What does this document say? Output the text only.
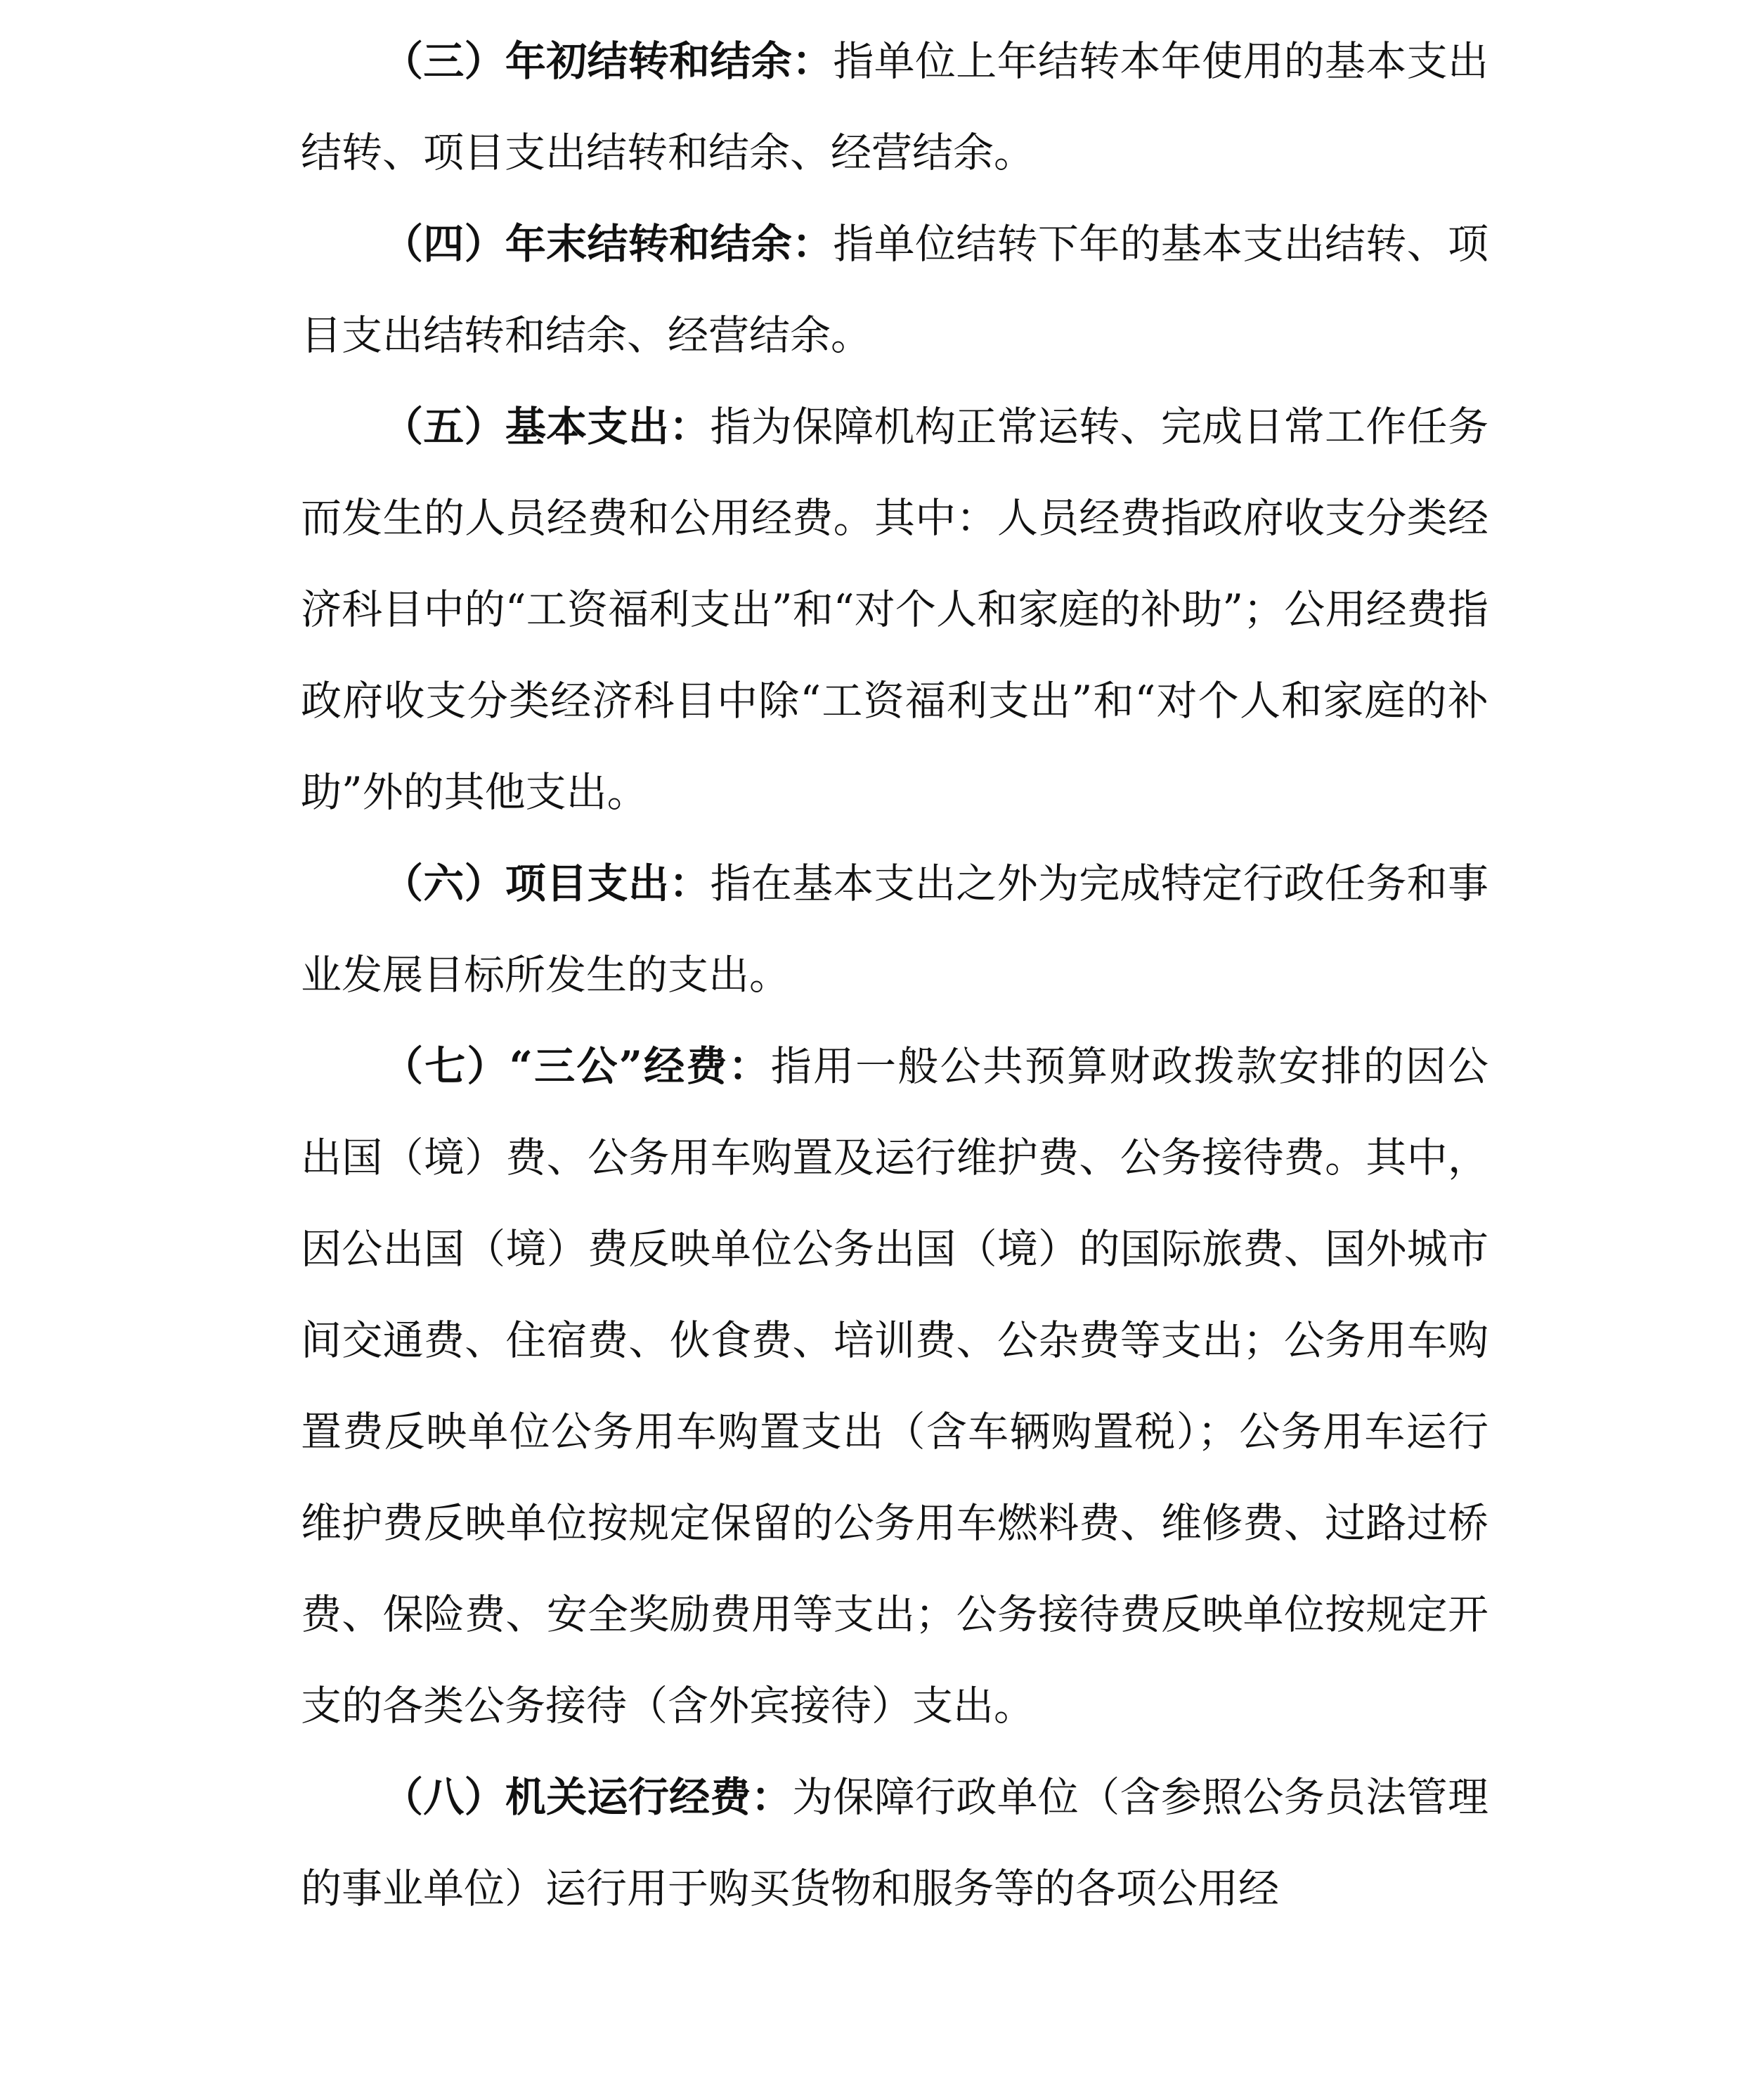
（三）年初结转和结余：指单位上年结转本年使用的基本支出结转、项目支出结转和结余、经营结余。

（四）年末结转和结余：指单位结转下年的基本支出结转、项目支出结转和结余、经营结余。

（五）基本支出：指为保障机构正常运转、完成日常工作任务而发生的人员经费和公用经费。其中：人员经费指政府收支分类经济科目中的“工资福利支出”和“对个人和家庭的补助”；公用经费指政府收支分类经济科目中除“工资福利支出”和“对个人和家庭的补助”外的其他支出。

（六）项目支出：指在基本支出之外为完成特定行政任务和事业发展目标所发生的支出。

（七）“三公”经费：指用一般公共预算财政拨款安排的因公出国（境）费、公务用车购置及运行维护费、公务接待费。其中，因公出国（境）费反映单位公务出国（境）的国际旅费、国外城市间交通费、住宿费、伙食费、培训费、公杂费等支出；公务用车购置费反映单位公务用车购置支出（含车辆购置税）；公务用车运行维护费反映单位按规定保留的公务用车燃料费、维修费、过路过桥费、保险费、安全奖励费用等支出；公务接待费反映单位按规定开支的各类公务接待（含外宾接待）支出。

（八）机关运行经费：为保障行政单位（含参照公务员法管理的事业单位）运行用于购买货物和服务等的各项公用经
